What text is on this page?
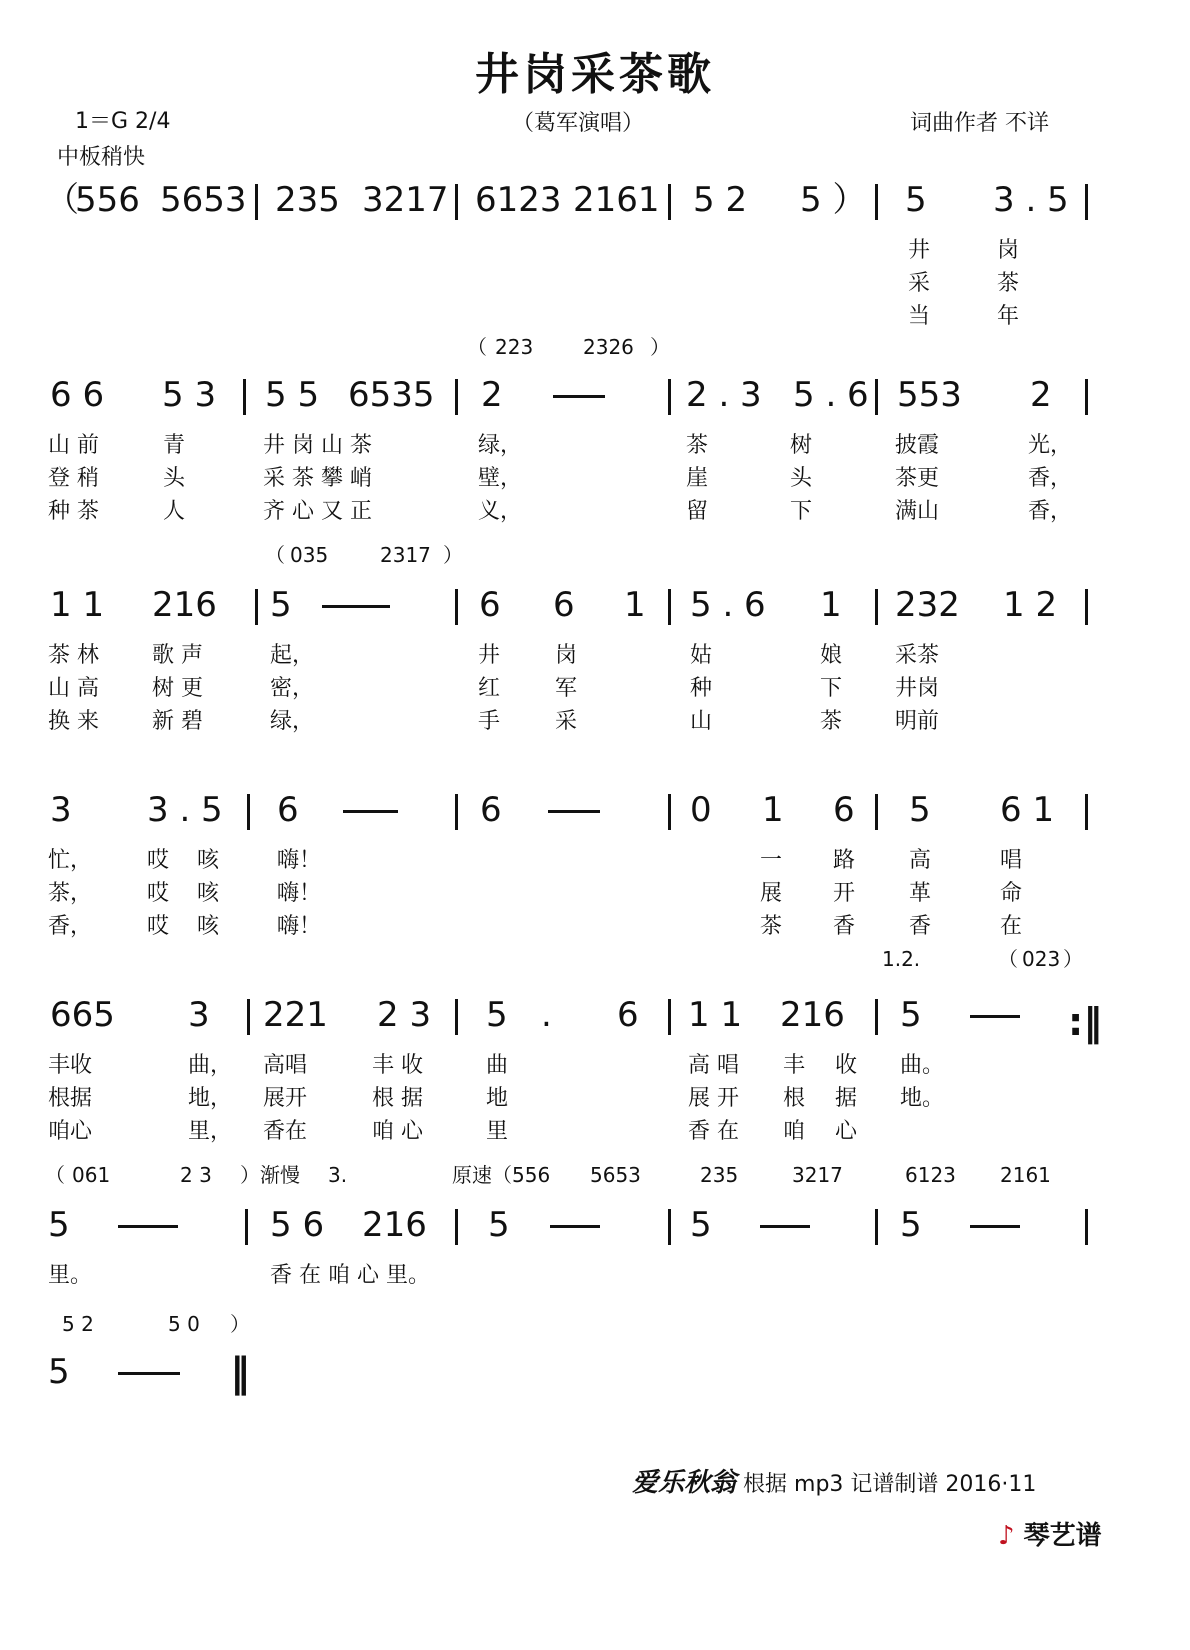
井岗采茶歌
1＝G 2/4	（葛军演唱）	词曲作者 不详
中板稍快
（
556 5653 235 3217 6123 2161 5 2 5 ） 5 3 . 5
井	岗
采	茶
当	年
（ 223 2326 ）
6 6 5 3 5 5 6535 2	2 . 3 5 . 6 553 2
山 前	青	井 岗 山 茶	绿，	茶	树	披霞	光，
登 稍	头	采 茶 攀 峭	壁，	崖	头	茶更	香，
种 茶	人	齐 心 又 正	义，	留	下	满山	香，
（ 035	2317 ）
1 1 216 5	6 6 1 5 . 6 1 232 1 2
茶 林 歌 声	起，	井 岗	姑	娘 采茶
山 高 树 更	密，	红 军	种	下 井岗
换 来 新 碧	绿，	手 采	山	茶 明前
3 3 . 5 6	6	0 1 6 5 6 1
忙， 哎 咳	嗨！	一 路 高	唱
茶， 哎 咳	嗨！	展 开 革	命
香， 哎 咳	嗨！	茶 香 香	在
1.2.	（ 023 ）
665 3 221 2 3 5 . 6 1 1 216 5
丰收	曲， 高唱	丰 收	曲	高 唱 丰 收 曲。
根据	地， 展开	根 据	地	展 开 根 据 地。
咱心	里， 香在	咱 心	里	香 在 咱 心
（ 061	2 3 ）渐慢 3.	原速（556 5653	235	3217	6123 2161
5	5 6 216 5	5	5
里。	香 在 咱 心 里。
5 2	5 0 ）
5	‖
:‖
爱乐秋翁 根据 mp3 记谱制谱 2016·11
♪ 琴艺谱
